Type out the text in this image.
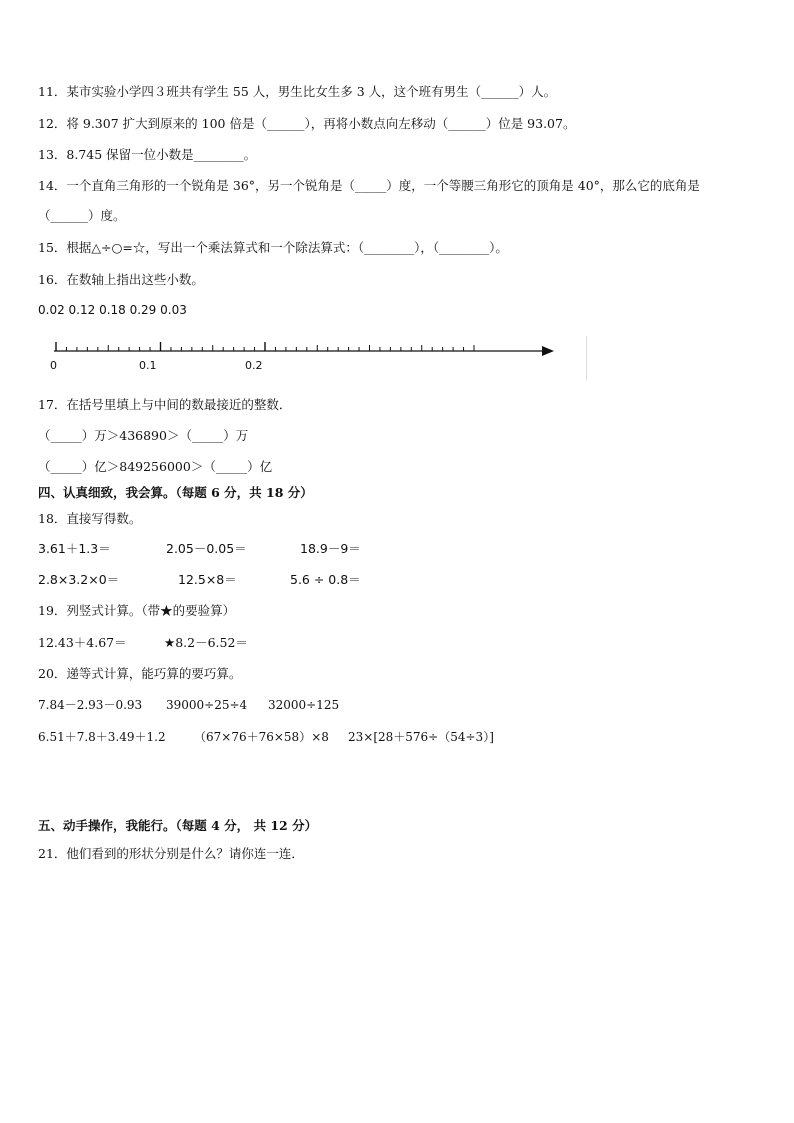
11．某市实验小学四３班共有学生 55 人，男生比女生多 3 人，这个班有男生（______）人。
12．将 9.307 扩大到原来的 100 倍是（______），再将小数点向左移动（______）位是 93.07。
13．8.745 保留一位小数是________。
14．一个直角三角形的一个锐角是 36°，另一个锐角是（_____）度，一个等腰三角形它的顶角是 40°，那么它的底角是
（______）度。
15．根据△÷○=☆，写出一个乘法算式和一个除法算式：（________），（________）。
16．在数轴上指出这些小数。
0.02 0.12 0.18 0.29 0.03
0	0.1	0.2
17．在括号里填上与中间的数最接近的整数．
（_____）万＞436890＞（_____）万
（_____）亿＞849256000＞（_____）亿
四、认真细致，我会算。（每题 6 分，共 18 分）
18．直接写得数。
3.61＋1.3＝	2.05－0.05＝	18.9－9＝
2.8×3.2×0＝	12.5×8＝	5.6 ÷ 0.8＝
19．列竖式计算。（带★的要验算）
12.43＋4.67＝	★8.2－6.52＝
20．递等式计算，能巧算的要巧算。
7.84－2.93－0.93 39000÷25÷4 32000÷125
6.51＋7.8＋3.49＋1.2 （67×76＋76×58）×8 23×[28＋576÷（54÷3）]
五、动手操作，我能行。（每题 4 分， 共 12 分）
21．他们看到的形状分别是什么？请你连一连．
